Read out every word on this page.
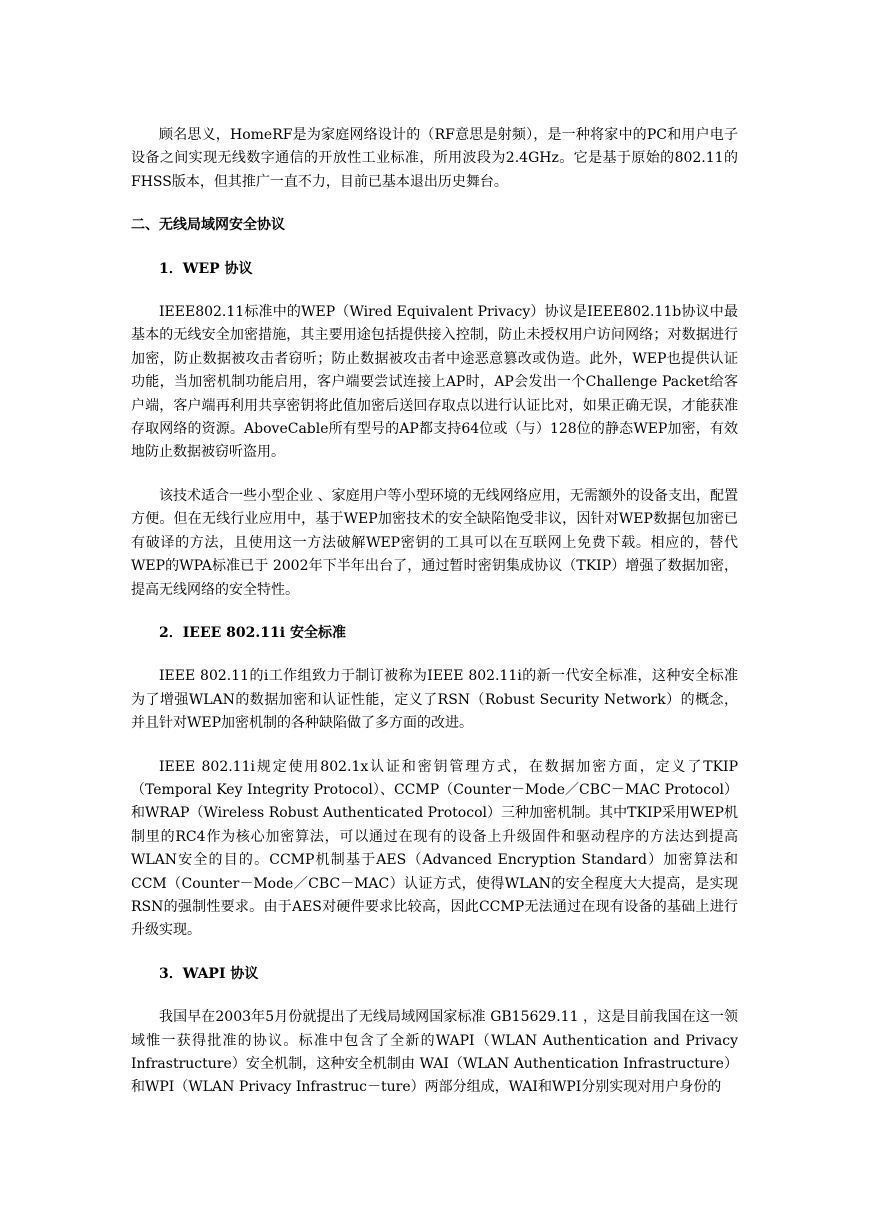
顾名思义，HomeRF是为家庭网络设计的（RF意思是射频），是一种将家中的PC和用户电子设备之间实现无线数字通信的开放性工业标准，所用波段为2.4GHz。它是基于原始的802.11的FHSS版本，但其推广一直不力，目前已基本退出历史舞台。

二、无线局域网安全协议

1．WEP 协议

IEEE802.11标准中的WEP（Wired Equivalent Privacy）协议是IEEE802.11b协议中最基本的无线安全加密措施，其主要用途包括提供接入控制，防止未授权用户访问网络；对数据进行加密，防止数据被攻击者窃听；防止数据被攻击者中途恶意篡改或伪造。此外，WEP也提供认证功能，当加密机制功能启用，客户端要尝试连接上AP时，AP会发出一个Challenge Packet给客户端，客户端再利用共享密钥将此值加密后送回存取点以进行认证比对，如果正确无误，才能获准存取网络的资源。AboveCable所有型号的AP都支持64位或（与）128位的静态WEP加密，有效地防止数据被窃听盗用。

该技术适合一些小型企业 、家庭用户等小型环境的无线网络应用，无需额外的设备支出，配置方便。但在无线行业应用中，基于WEP加密技术的安全缺陷饱受非议，因针对WEP数据包加密已有破译的方法，且使用这一方法破解WEP密钥的工具可以在互联网上免费下载。相应的，替代WEP的WPA标准已于 2002年下半年出台了，通过暂时密钥集成协议（TKIP）增强了数据加密，提高无线网络的安全特性。

2．IEEE 802.11i 安全标准

IEEE 802.11的i工作组致力于制订被称为IEEE 802.11i的新一代安全标准，这种安全标准为了增强WLAN的数据加密和认证性能，定义了RSN（Robust Security Network）的概念，并且针对WEP加密机制的各种缺陷做了多方面的改进。

IEEE 802.11i规定使用802.1x认证和密钥管理方式，在数据加密方面，定义了TKIP（Temporal Key Integrity Protocol）、CCMP（Counter－Mode／CBC－MAC Protocol）和WRAP（Wireless Robust Authenticated Protocol）三种加密机制。其中TKIP采用WEP机制里的RC4作为核心加密算法，可以通过在现有的设备上升级固件和驱动程序的方法达到提高 WLAN安全的目的。CCMP机制基于AES（Advanced Encryption Standard）加密算法和CCM（Counter－Mode／CBC－MAC）认证方式，使得WLAN的安全程度大大提高，是实现RSN的强制性要求。由于AES对硬件要求比较高，因此CCMP无法通过在现有设备的基础上进行升级实现。

3．WAPI 协议

我国早在2003年5月份就提出了无线局域网国家标准 GB15629.11 ，这是目前我国在这一领域惟一获得批准的协议。标准中包含了全新的WAPI（WLAN Authentication and Privacy Infrastructure）安全机制，这种安全机制由 WAI（WLAN Authentication Infrastructure）和WPI（WLAN Privacy Infrastruc－ture）两部分组成，WAI和WPI分别实现对用户身份的
